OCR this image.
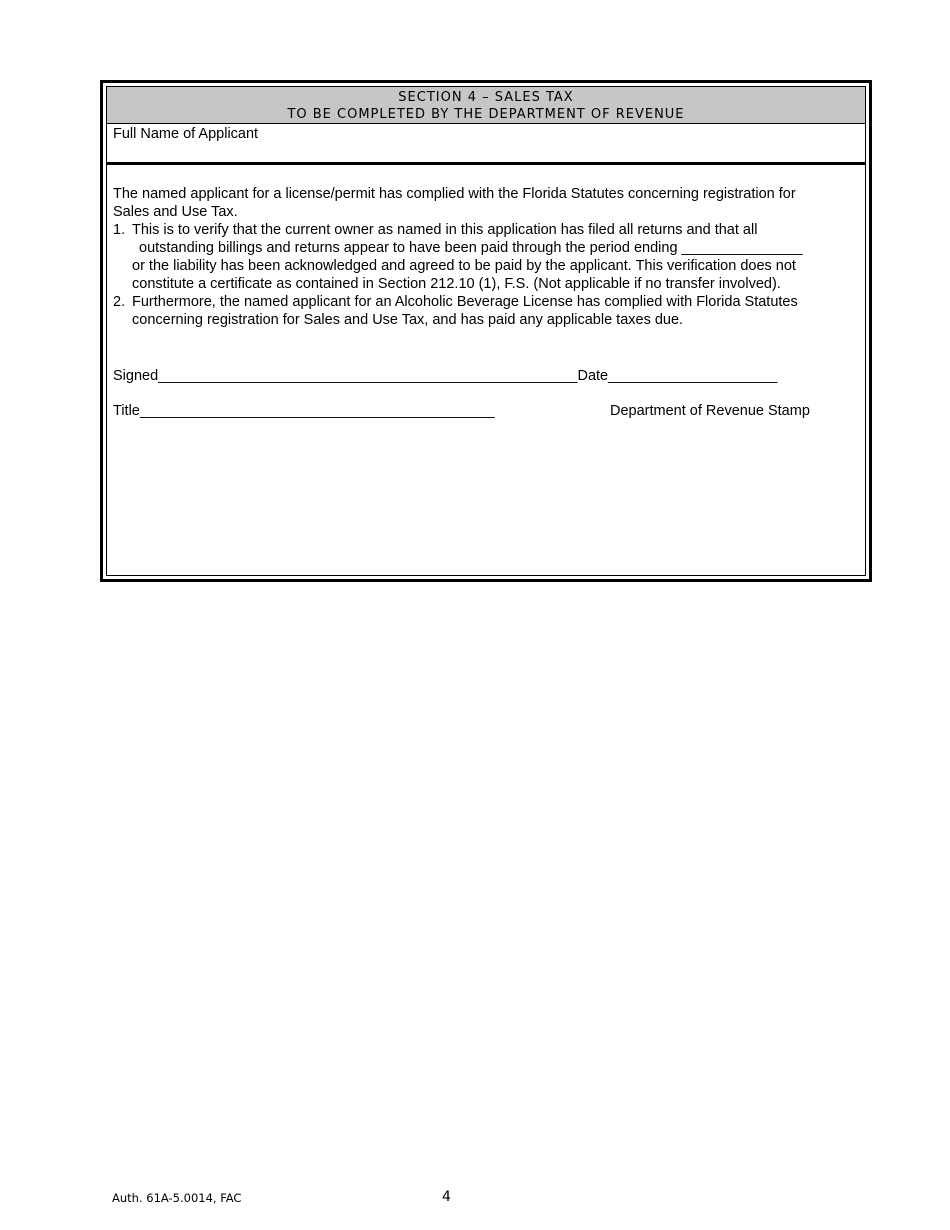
SECTION 4 – SALES TAX
TO BE COMPLETED BY THE DEPARTMENT OF REVENUE
Full Name of Applicant

The named applicant for a license/permit has complied with the Florida Statutes concerning registration for

Sales and Use Tax.

1. This is to verify that the current owner as named in this application has filed all returns and that all

outstanding billings and returns appear to have been paid through the period ending _______________

or the liability has been acknowledged and agreed to be paid by the applicant. This verification does not

constitute a certificate as contained in Section 212.10 (1), F.S. (Not applicable if no transfer involved).

2. Furthermore, the named applicant for an Alcoholic Beverage License has complied with Florida Statutes

concerning registration for Sales and Use Tax, and has paid any applicable taxes due.

Signed____________________________________________________Date_____________________
Title____________________________________________	Department of Revenue Stamp
Auth. 61A-5.0014, FAC	4
